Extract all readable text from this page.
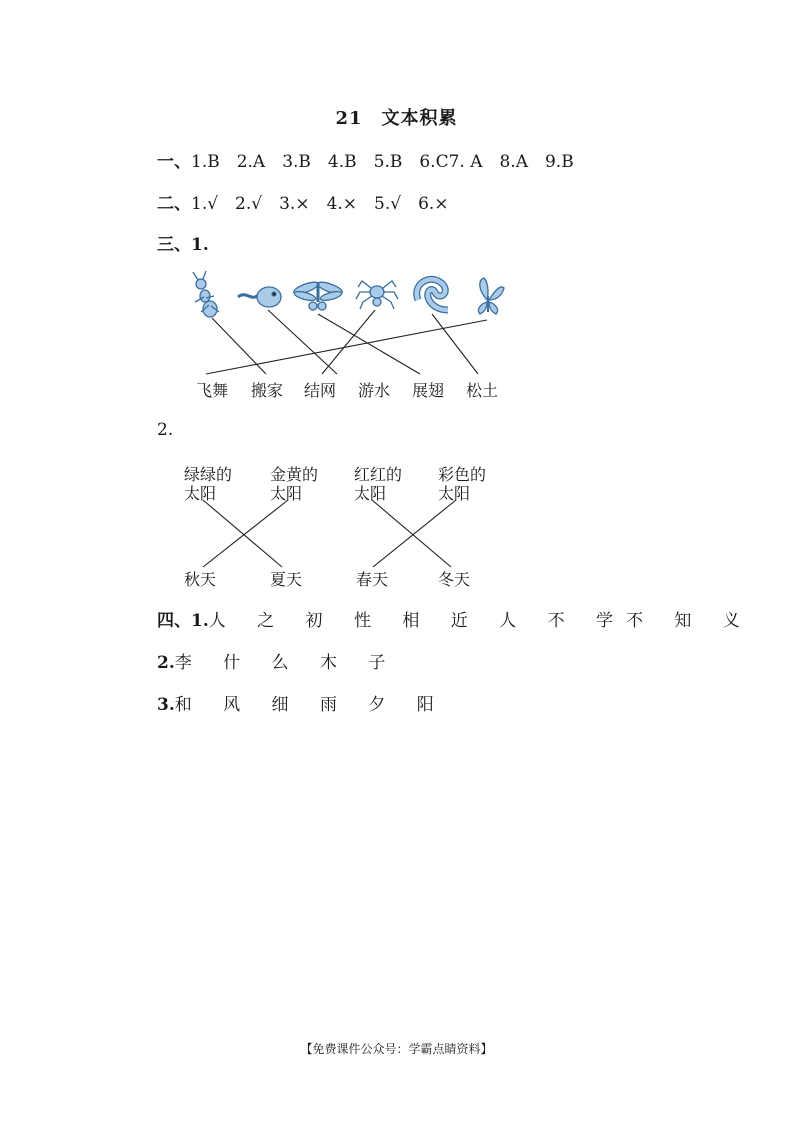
21　文本积累
一、1.B　2.A　3.B　4.B　5.B　6.C7. A　8.A　9.B
二、1.√　2.√　3.×　4.×　5.√　6.×
三、1.
飞舞 搬家 结网 游水 展翅 松土
2.
绿绿的 金黄的 红红的 彩色的
太阳	太阳	太阳	太阳
秋天	夏天	春天	冬天
四、1.人 之 初 性 相 近 人 不 学不 知 义
2.李 什 么 木 子
3.和 风 细 雨 夕 阳
【免费课件公众号：学霸点睛资料】
